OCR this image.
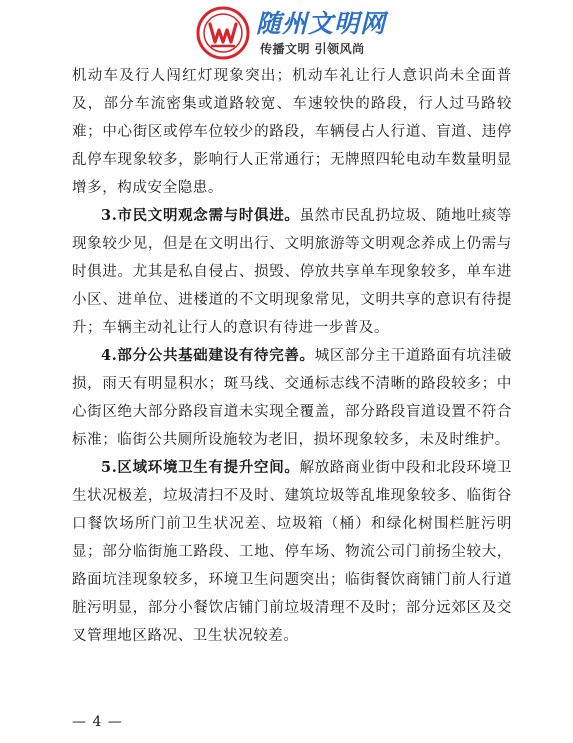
随州文明网
传播文明 引领风尚

机动车及行人闯红灯现象突出；机动车礼让行人意识尚未全面普及，部分车流密集或道路较宽、车速较快的路段，行人过马路较难；中心街区或停车位较少的路段，车辆侵占人行道、盲道、违停乱停车现象较多，影响行人正常通行；无牌照四轮电动车数量明显增多，构成安全隐患。

3.市民文明观念需与时俱进。虽然市民乱扔垃圾、随地吐痰等现象较少见，但是在文明出行、文明旅游等文明观念养成上仍需与时俱进。尤其是私自侵占、损毁、停放共享单车现象较多，单车进小区、进单位、进楼道的不文明现象常见，文明共享的意识有待提升；车辆主动礼让行人的意识有待进一步普及。

4.部分公共基础建设有待完善。城区部分主干道路面有坑洼破损，雨天有明显积水；斑马线、交通标志线不清晰的路段较多；中心街区绝大部分路段盲道未实现全覆盖，部分路段盲道设置不符合标准；临街公共厕所设施较为老旧，损坏现象较多，未及时维护。

5.区域环境卫生有提升空间。解放路商业街中段和北段环境卫生状况极差，垃圾清扫不及时、建筑垃圾等乱堆现象较多、临街谷口餐饮场所门前卫生状况差、垃圾箱（桶）和绿化树围栏脏污明显；部分临街施工路段、工地、停车场、物流公司门前扬尘较大，路面坑洼现象较多，环境卫生问题突出；临街餐饮商铺门前人行道脏污明显，部分小餐饮店铺门前垃圾清理不及时；部分远郊区及交叉管理地区路况、卫生状况较差。

— 4 —
